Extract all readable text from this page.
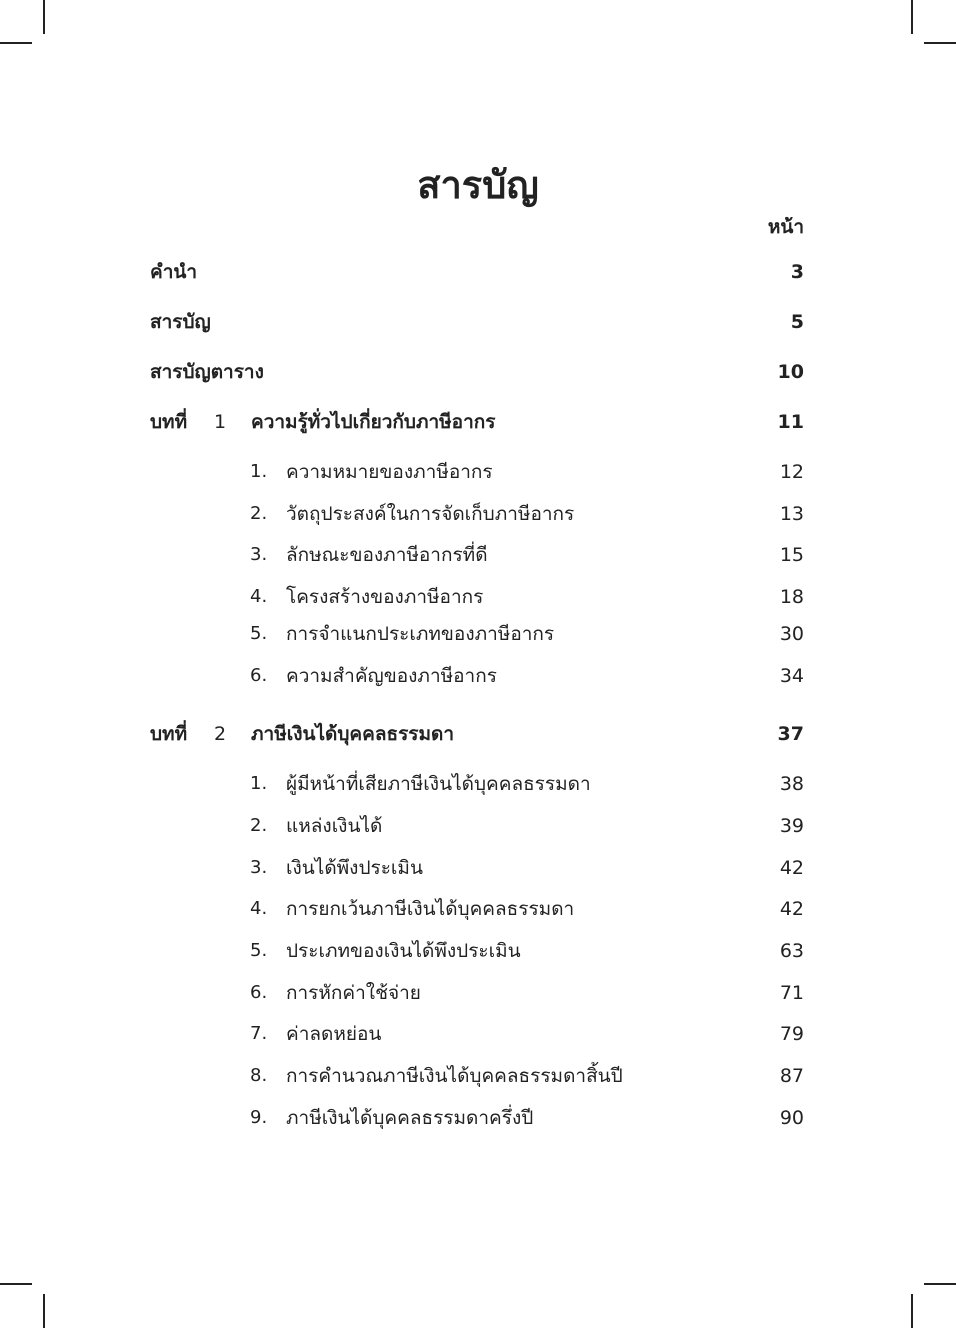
สารบัญ
หน้า
คำนำ	3
สารบัญ	5
สารบัญตาราง	10
บทที่ 1 ความรู้ทั่วไปเกี่ยวกับภาษีอากร	11
1. ความหมายของภาษีอากร	12
2. วัตถุประสงค์ในการจัดเก็บภาษีอากร	13
3. ลักษณะของภาษีอากรที่ดี	15
4. โครงสร้างของภาษีอากร	18
5. การจำแนกประเภทของภาษีอากร	30
6. ความสำคัญของภาษีอากร	34
บทที่ 2 ภาษีเงินได้บุคคลธรรมดา	37
1. ผู้มีหน้าที่เสียภาษีเงินได้บุคคลธรรมดา	38
2. แหล่งเงินได้	39
3. เงินได้พึงประเมิน	42
4. การยกเว้นภาษีเงินได้บุคคลธรรมดา	42
5. ประเภทของเงินได้พึงประเมิน	63
6. การหักค่าใช้จ่าย	71
7. ค่าลดหย่อน	79
8. การคำนวณภาษีเงินได้บุคคลธรรมดาสิ้นปี	87
9. ภาษีเงินได้บุคคลธรรมดาครึ่งปี	90
